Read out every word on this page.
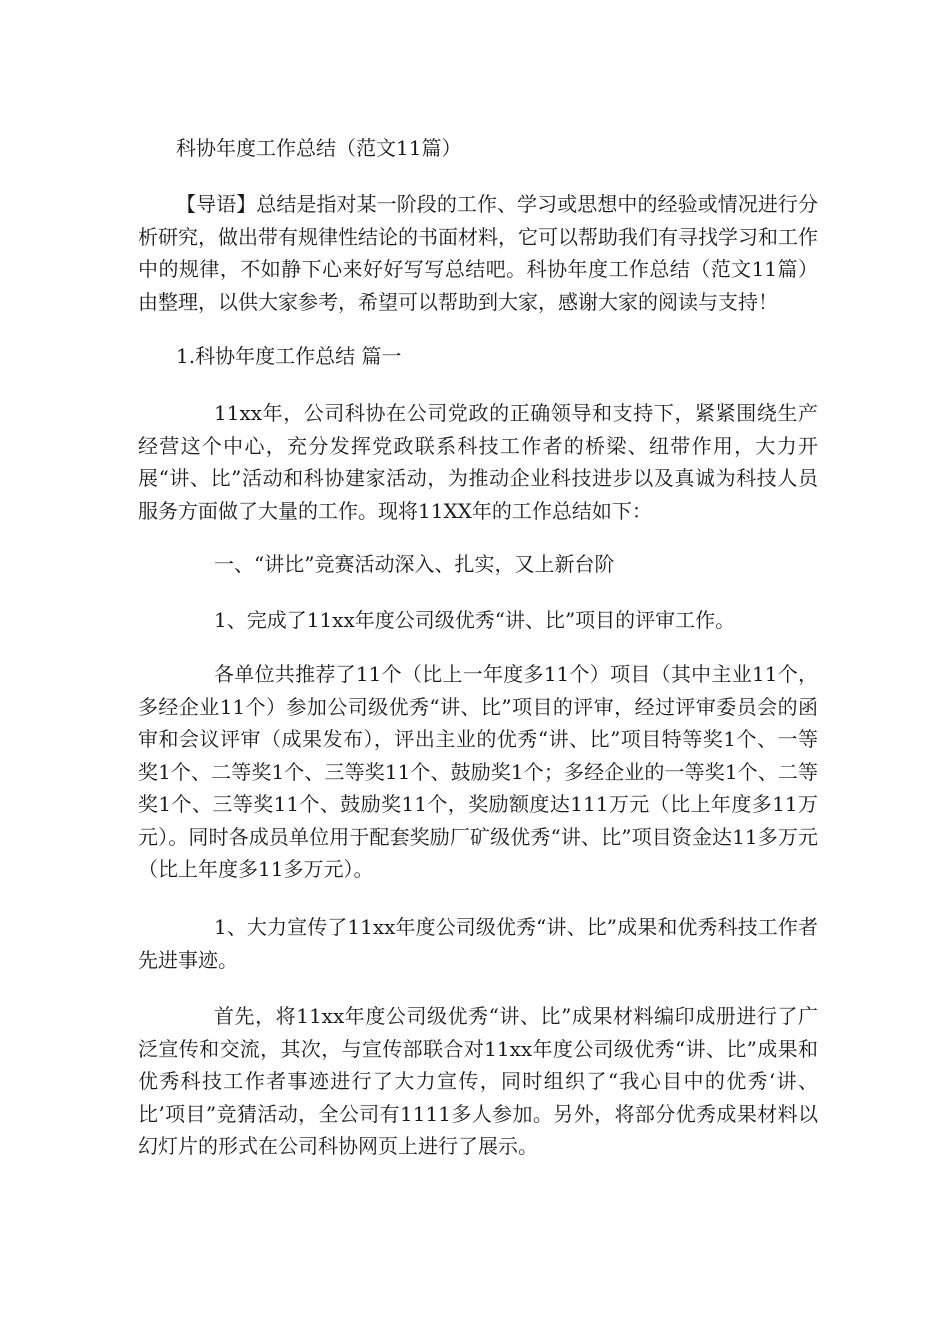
科协年度工作总结（范文11篇）

【导语】总结是指对某一阶段的工作、学习或思想中的经验或情况进行分析研究，做出带有规律性结论的书面材料，它可以帮助我们有寻找学习和工作中的规律，不如静下心来好好写写总结吧。科协年度工作总结（范文11篇）由整理，以供大家参考，希望可以帮助到大家，感谢大家的阅读与支持！

1.科协年度工作总结 篇一

11xx年，公司科协在公司党政的正确领导和支持下，紧紧围绕生产经营这个中心，充分发挥党政联系科技工作者的桥梁、纽带作用，大力开展“讲、比”活动和科协建家活动，为推动企业科技进步以及真诚为科技人员服务方面做了大量的工作。现将11XX年的工作总结如下：

一、“讲比”竞赛活动深入、扎实，又上新台阶

1、完成了11xx年度公司级优秀“讲、比”项目的评审工作。

各单位共推荐了11个（比上一年度多11个）项目（其中主业11个，多经企业11个）参加公司级优秀“讲、比”项目的评审，经过评审委员会的函审和会议评审（成果发布），评出主业的优秀“讲、比”项目特等奖1个、一等奖1个、二等奖1个、三等奖11个、鼓励奖1个；多经企业的一等奖1个、二等奖1个、三等奖11个、鼓励奖11个，奖励额度达111万元（比上年度多11万元）。同时各成员单位用于配套奖励厂矿级优秀“讲、比”项目资金达11多万元（比上年度多11多万元）。

1、大力宣传了11xx年度公司级优秀“讲、比”成果和优秀科技工作者先进事迹。

首先，将11xx年度公司级优秀“讲、比”成果材料编印成册进行了广泛宣传和交流，其次，与宣传部联合对11xx年度公司级优秀“讲、比”成果和优秀科技工作者事迹进行了大力宣传，同时组织了“我心目中的优秀‘讲、比’项目”竞猜活动，全公司有1111多人参加。另外，将部分优秀成果材料以幻灯片的形式在公司科协网页上进行了展示。
